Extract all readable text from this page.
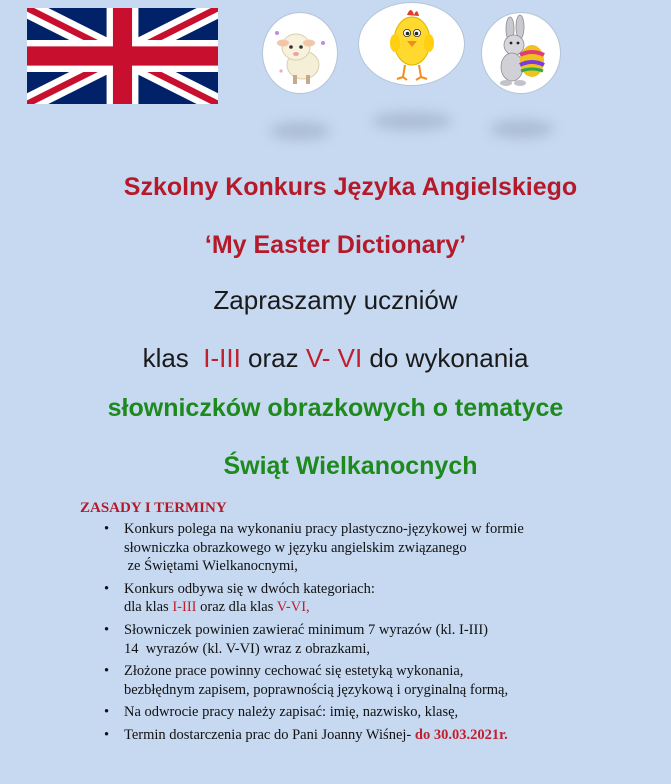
Szkolny Konkurs Języka Angielskiego
‘My Easter Dictionary’
Zapraszamy uczniów
klas  I-III oraz V- VI do wykonania
słowniczków obrazkowych o tematyce
Świąt Wielkanocnych
ZASADY I TERMINY
• Konkurs polega na wykonaniu pracy plastyczno-językowej w formie
słowniczka obrazkowego w języku angielskim związanego
ze Świętami Wielkanocnymi,
• Konkurs odbywa się w dwóch kategoriach:
dla klas I-III oraz dla klas V-VI,
• Słowniczek powinien zawierać minimum 7 wyrazów (kl. I-III)
14  wyrazów (kl. V-VI) wraz z obrazkami,
• Złożone prace powinny cechować się estetyką wykonania,
bezbłędnym zapisem, poprawnością językową i oryginalną formą,
• Na odwrocie pracy należy zapisać: imię, nazwisko, klasę,
• Termin dostarczenia prac do Pani Joanny Wiśnej- do 30.03.2021r.
